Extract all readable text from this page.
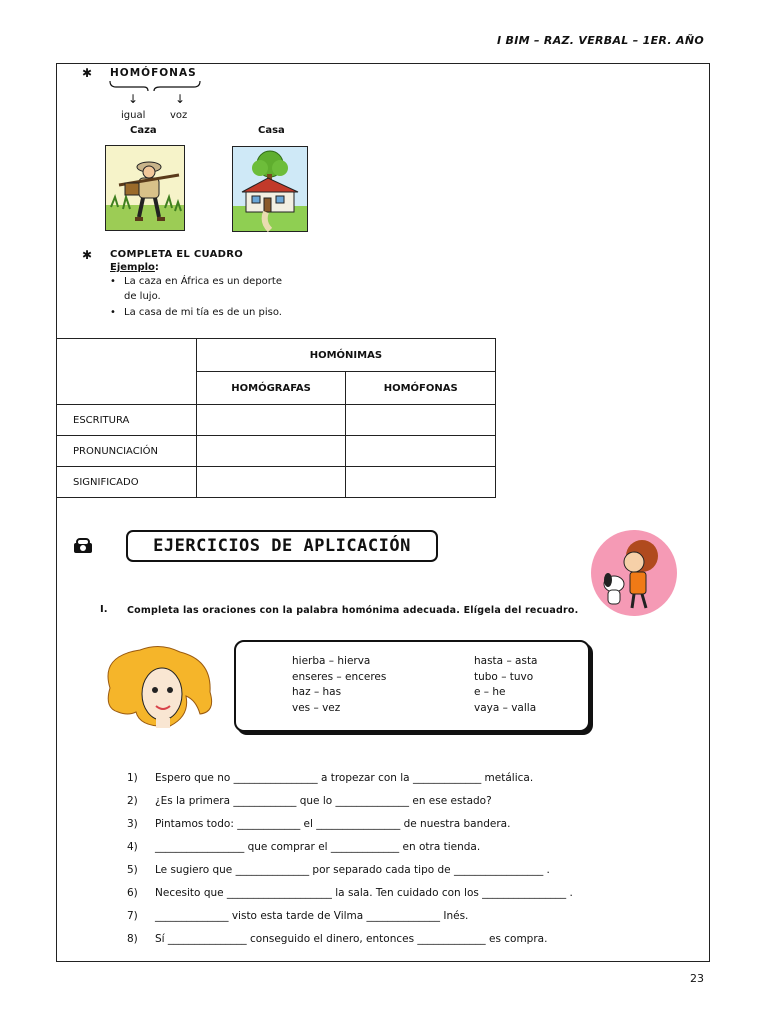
I BIM – RAZ. VERBAL – 1ER. AÑO
✱ HOMÓFONAS
↓	↓
igual voz
Caza	Casa
✱ COMPLETA EL CUADRO
Ejemplo:
• La caza en África es un deporte
de lujo.
• La casa de mi tía es de un piso.
	HOMÓNIMAS	
	HOMÓGRAFAS	HOMÓFONAS
ESCRITURA		
PRONUNCIACIÓN		
SIGNIFICADO		
EJERCICIOS DE APLICACIÓN
I. Completa las oraciones con la palabra homónima adecuada. Elígela del recuadro.
hierba – hierva
enseres – enceres
haz – has
ves – vez
hasta – asta
tubo – tuvo
e – he
vaya – valla
1) Espero que no ________________ a tropezar con la _____________ metálica.
2) ¿Es la primera ____________ que lo ______________ en ese estado?
3) Pintamos todo: ____________ el ________________ de nuestra bandera.
4) _________________ que comprar el _____________ en otra tienda.
5) Le sugiero que ______________ por separado cada tipo de _________________ .
6) Necesito que ____________________ la sala. Ten cuidado con los ________________ .
7) ______________ visto esta tarde de Vilma ______________ Inés.
8) Sí _______________ conseguido el dinero, entonces _____________ es compra.
23
